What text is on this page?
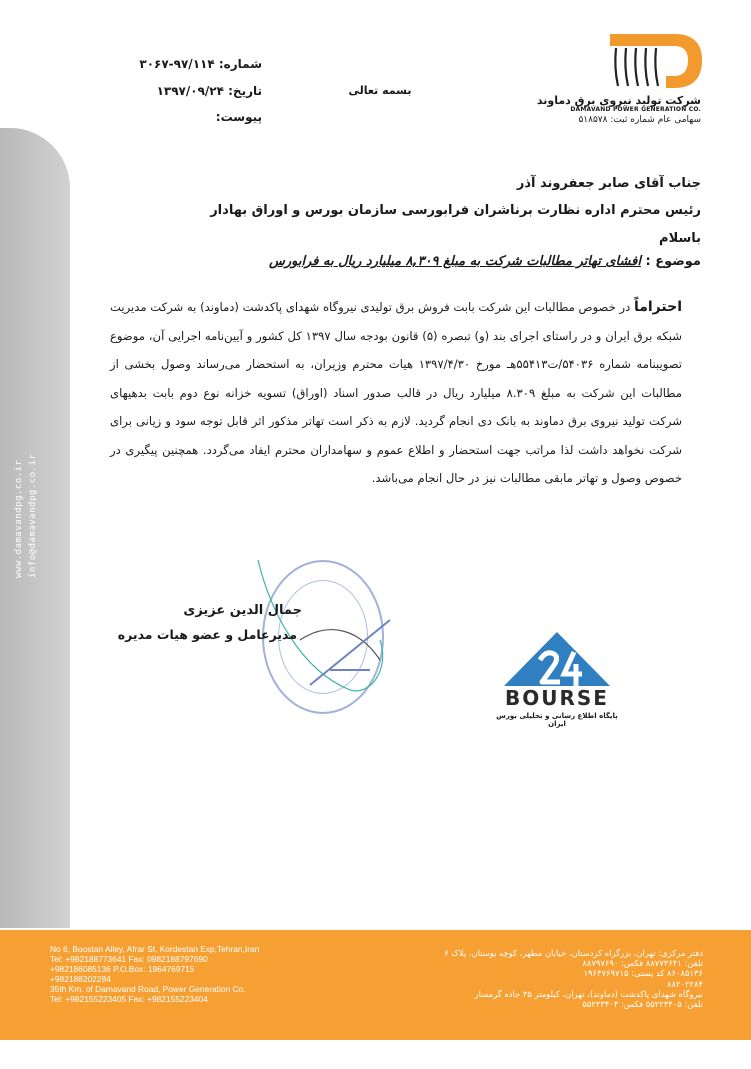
www.damavandpg.co.ir info@damavandpg.co.ir
شرکت تولید نیروی برق دماوند
DAMAVAND POWER GENERATION CO.
سهامی عام شماره ثبت: ۵۱۸۵۷۸
شماره: ۹۷/۱۱۴-۳۰۶۷
تاریخ: ۱۳۹۷/۰۹/۲۴
پیوست:
بسمه تعالی
جناب آقای صابر جعفروند آذر
رئیس محترم اداره نظارت برناشران فرابورسی سازمان بورس و اوراق بهادار
باسلام
موضوع : افشای تهاتر مطالبات شرکت به مبلغ ۸,۳۰۹ میلیارد ریال به فرابورس
احتراماً در خصوص مطالبات این شرکت بابت فروش برق تولیدی نیروگاه شهدای پاکدشت (دماوند) به شرکت مدیریت شبکه برق ایران و در راستای اجرای بند (و) تبصره (۵) قانون بودجه سال ۱۳۹۷ کل کشور و آیین‌نامه اجرایی آن، موضوع تصویبنامه شماره ۵۴۰۳۶/ت۵۵۴۱۳هـ مورخ ۱۳۹۷/۴/۳۰ هیات محترم وزیران، به استحضار می‌رساند وصول بخشی از مطالبات این شرکت به مبلغ ۸.۳۰۹ میلیارد ریال در قالب صدور اسناد (اوراق) تسویه خزانه نوع دوم بابت بدهیهای شرکت تولید نیروی برق دماوند به بانک دی انجام گردید. لازم به ذکر است تهاتر مذکور اثر قابل توجه سود و زیانی برای شرکت نخواهد داشت لذا مراتب جهت استحضار و اطلاع عموم و سهامداران محترم ایفاد می‌گردد. همچنین پیگیری در خصوص وصول و تهاتر مابقی مطالبات نیز در حال انجام می‌باشد.
جمال الدین عزیزی
مدیرعامل و عضو هیات مدیره
BOURSE
پایگاه اطلاع رسانی و تحلیلی بورس ایران
No 6, Boostan Alley, Afrar St, Kordestan Exp,Tehran,Iran
Tel: +982188773641 Fax: 0982188797690
+982186085136 P.O.Box: 1964769715
+982188202284
35th Km. of Damavand Road, Power Generation Co.
Tel: +982155223405 Fax: +982155223404
دفتر مرکزی: تهران، بزرگراه کردستان، خیابان مطهر، کوچه بوستان، پلاک ۶
تلفن: ۸۸۷۷۳۶۴۱ فکس: ۸۸۷۹۷۶۹۰
۸۶۰۸۵۱۳۶ کد پستی: ۱۹۶۴۷۶۹۷۱۵
۸۸۲۰۲۲۸۴
نیروگاه شهدای پاکدشت (دماوند)، تهران، کیلومتر ۳۵ جاده گرمسار
تلفن: ۵۵۲۲۳۴۰۵ فکس: ۵۵۲۲۳۴۰۴
